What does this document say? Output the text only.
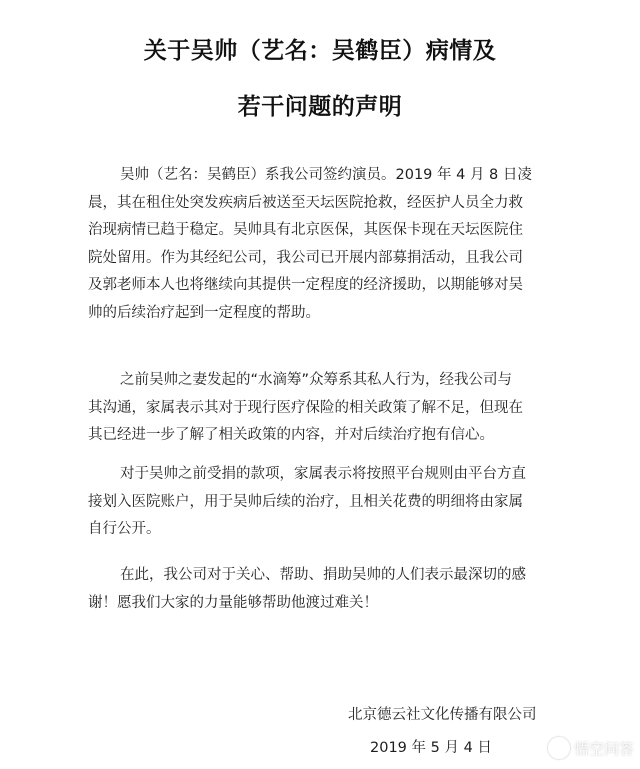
关于吴帅（艺名：吴鹤臣）病情及
若干问题的声明

吴帅（艺名：吴鹤臣）系我公司签约演员。2019 年 4 月 8 日凌
晨，其在租住处突发疾病后被送至天坛医院抢救，经医护人员全力救
治现病情已趋于稳定。吴帅具有北京医保，其医保卡现在天坛医院住
院处留用。作为其经纪公司，我公司已开展内部募捐活动，且我公司
及郭老师本人也将继续向其提供一定程度的经济援助，以期能够对吴
帅的后续治疗起到一定程度的帮助。

之前吴帅之妻发起的“水滴筹”众筹系其私人行为，经我公司与
其沟通，家属表示其对于现行医疗保险的相关政策了解不足，但现在
其已经进一步了解了相关政策的内容，并对后续治疗抱有信心。

对于吴帅之前受捐的款项，家属表示将按照平台规则由平台方直
接划入医院账户，用于吴帅后续的治疗，且相关花费的明细将由家属
自行公开。

在此，我公司对于关心、帮助、捐助吴帅的人们表示最深切的感
谢！愿我们大家的力量能够帮助他渡过难关！

北京德云社文化传播有限公司
2019 年 5 月 4 日	悟空问答
